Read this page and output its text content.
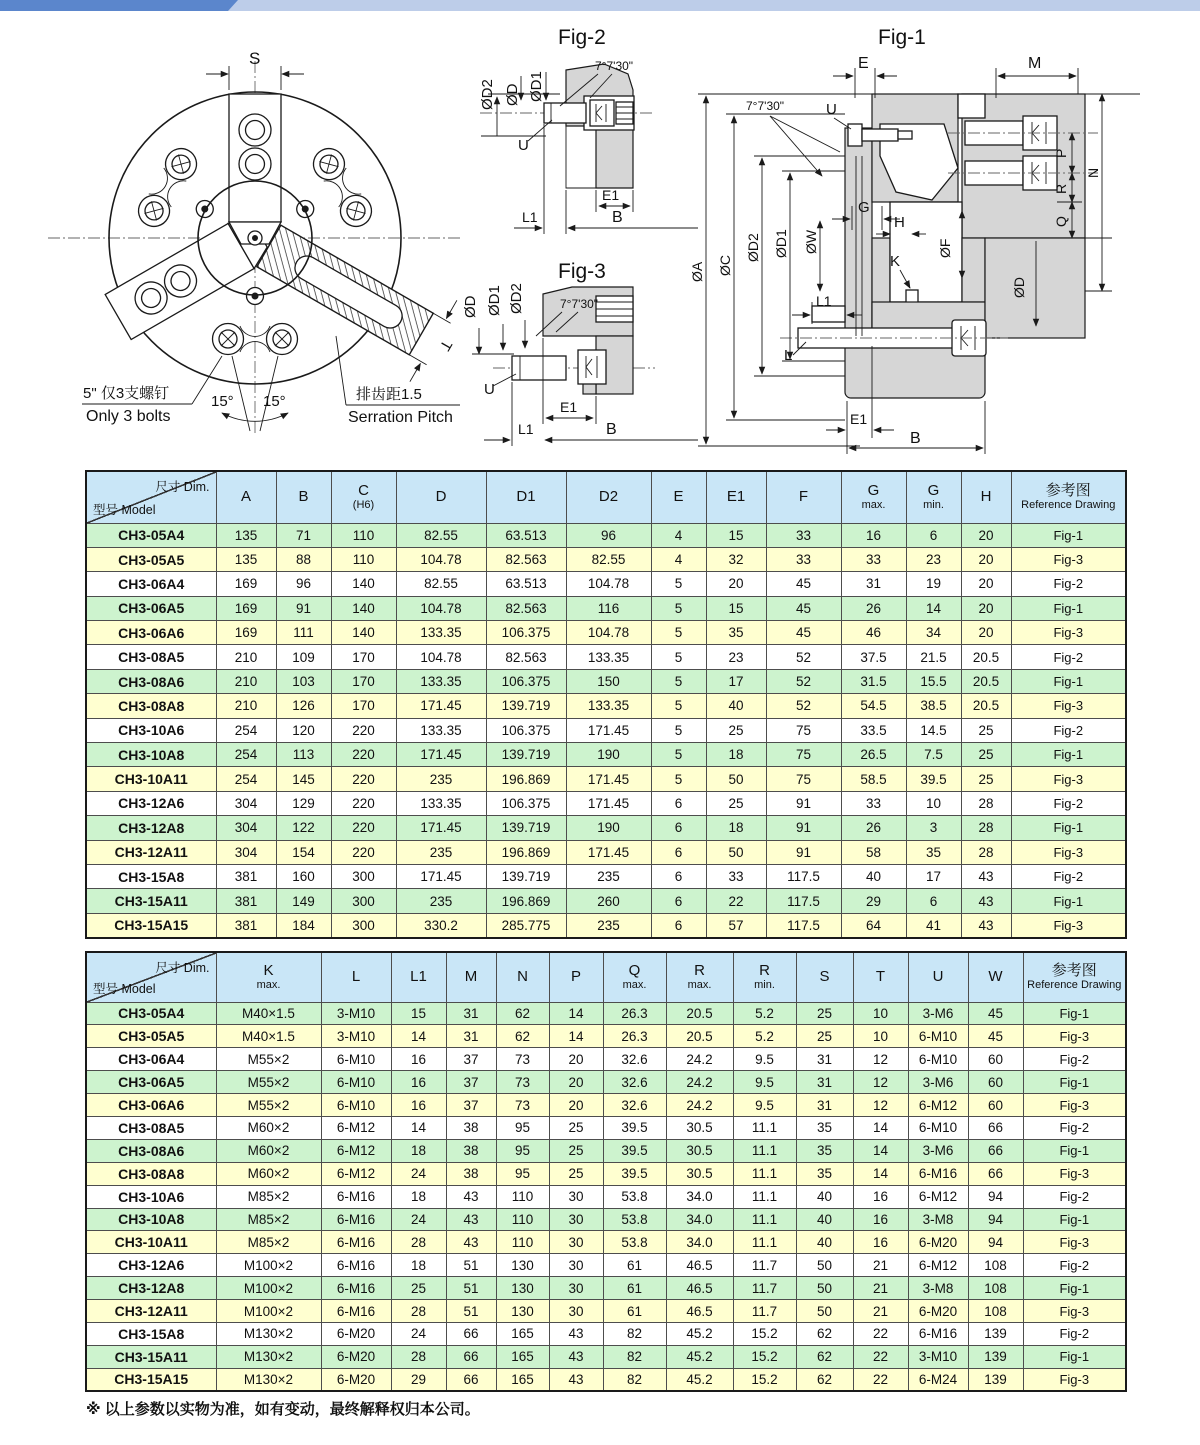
T
S
15° 15°
5" 仅3支螺钉
Only 3 bolts
排齿距1.5
Serration Pitch
Fig-2
ØD2 ØD ØD1
7°7'30"
U
E1
L1	B
Fig-3
ØD ØD1 ØD2	7°7'30"
U
E1
L1	B
Fig-1
ØA ØC
ØD2 ØD1 ØW
E	M
7°7'30"	U
G
H
K
ØF
ØD
P
R
Q
N
L1
L
E1
B
尺寸 Dim.
型号 Model

A	B	C
(H6)	D	D1	D2	E	E1	F	G
max.

G
min.	H	参考图
Reference Drawing

CH3-05A4	135	71	110	82.55	63.513	96	4	15	33	16	6	20	Fig-1
CH3-05A5	135	88	110	104.78	82.563	82.55	4	32	33	33	23	20	Fig-3
CH3-06A4	169	96	140	82.55	63.513	104.78	5	20	45	31	19	20	Fig-2
CH3-06A5	169	91	140	104.78	82.563	116	5	15	45	26	14	20	Fig-1
CH3-06A6	169	111	140	133.35	106.375	104.78	5	35	45	46	34	20	Fig-3
CH3-08A5	210	109	170	104.78	82.563	133.35	5	23	52	37.5	21.5	20.5	Fig-2
CH3-08A6	210	103	170	133.35	106.375	150	5	17	52	31.5	15.5	20.5	Fig-1
CH3-08A8	210	126	170	171.45	139.719	133.35	5	40	52	54.5	38.5	20.5	Fig-3
CH3-10A6	254	120	220	133.35	106.375	171.45	5	25	75	33.5	14.5	25	Fig-2
CH3-10A8	254	113	220	171.45	139.719	190	5	18	75	26.5	7.5	25	Fig-1
CH3-10A11	254	145	220	235	196.869	171.45	5	50	75	58.5	39.5	25	Fig-3
CH3-12A6	304	129	220	133.35	106.375	171.45	6	25	91	33	10	28	Fig-2
CH3-12A8	304	122	220	171.45	139.719	190	6	18	91	26	3	28	Fig-1
CH3-12A11	304	154	220	235	196.869	171.45	6	50	91	58	35	28	Fig-3
CH3-15A8	381	160	300	171.45	139.719	235	6	33	117.5	40	17	43	Fig-2
CH3-15A11	381	149	300	235	196.869	260	6	22	117.5	29	6	43	Fig-1
CH3-15A15	381	184	300	330.2	285.775	235	6	57	117.5	64	41	43	Fig-3
尺寸 Dim.
型号 Model

K
max.	L	L1	M	N	P	Q
max.

R
max.

R
min.	S	T	U	W	参考图
Reference Drawing

CH3-05A4	M40×1.5	3-M10	15	31	62	14	26.3	20.5	5.2	25	10	3-M6	45	Fig-1
CH3-05A5	M40×1.5	3-M10	14	31	62	14	26.3	20.5	5.2	25	10	6-M10	45	Fig-3
CH3-06A4	M55×2	6-M10	16	37	73	20	32.6	24.2	9.5	31	12	6-M10	60	Fig-2
CH3-06A5	M55×2	6-M10	16	37	73	20	32.6	24.2	9.5	31	12	3-M6	60	Fig-1
CH3-06A6	M55×2	6-M10	16	37	73	20	32.6	24.2	9.5	31	12	6-M12	60	Fig-3
CH3-08A5	M60×2	6-M12	14	38	95	25	39.5	30.5	11.1	35	14	6-M10	66	Fig-2
CH3-08A6	M60×2	6-M12	18	38	95	25	39.5	30.5	11.1	35	14	3-M6	66	Fig-1
CH3-08A8	M60×2	6-M12	24	38	95	25	39.5	30.5	11.1	35	14	6-M16	66	Fig-3
CH3-10A6	M85×2	6-M16	18	43	110	30	53.8	34.0	11.1	40	16	6-M12	94	Fig-2
CH3-10A8	M85×2	6-M16	24	43	110	30	53.8	34.0	11.1	40	16	3-M8	94	Fig-1
CH3-10A11	M85×2	6-M16	28	43	110	30	53.8	34.0	11.1	40	16	6-M20	94	Fig-3
CH3-12A6	M100×2	6-M16	18	51	130	30	61	46.5	11.7	50	21	6-M12	108	Fig-2
CH3-12A8	M100×2	6-M16	25	51	130	30	61	46.5	11.7	50	21	3-M8	108	Fig-1
CH3-12A11	M100×2	6-M16	28	51	130	30	61	46.5	11.7	50	21	6-M20	108	Fig-3
CH3-15A8	M130×2	6-M20	24	66	165	43	82	45.2	15.2	62	22	6-M16	139	Fig-2
CH3-15A11	M130×2	6-M20	28	66	165	43	82	45.2	15.2	62	22	3-M10	139	Fig-1
CH3-15A15	M130×2	6-M20	29	66	165	43	82	45.2	15.2	62	22	6-M24	139	Fig-3
※ 以上参数以实物为准，如有变动，最终解释权归本公司。
